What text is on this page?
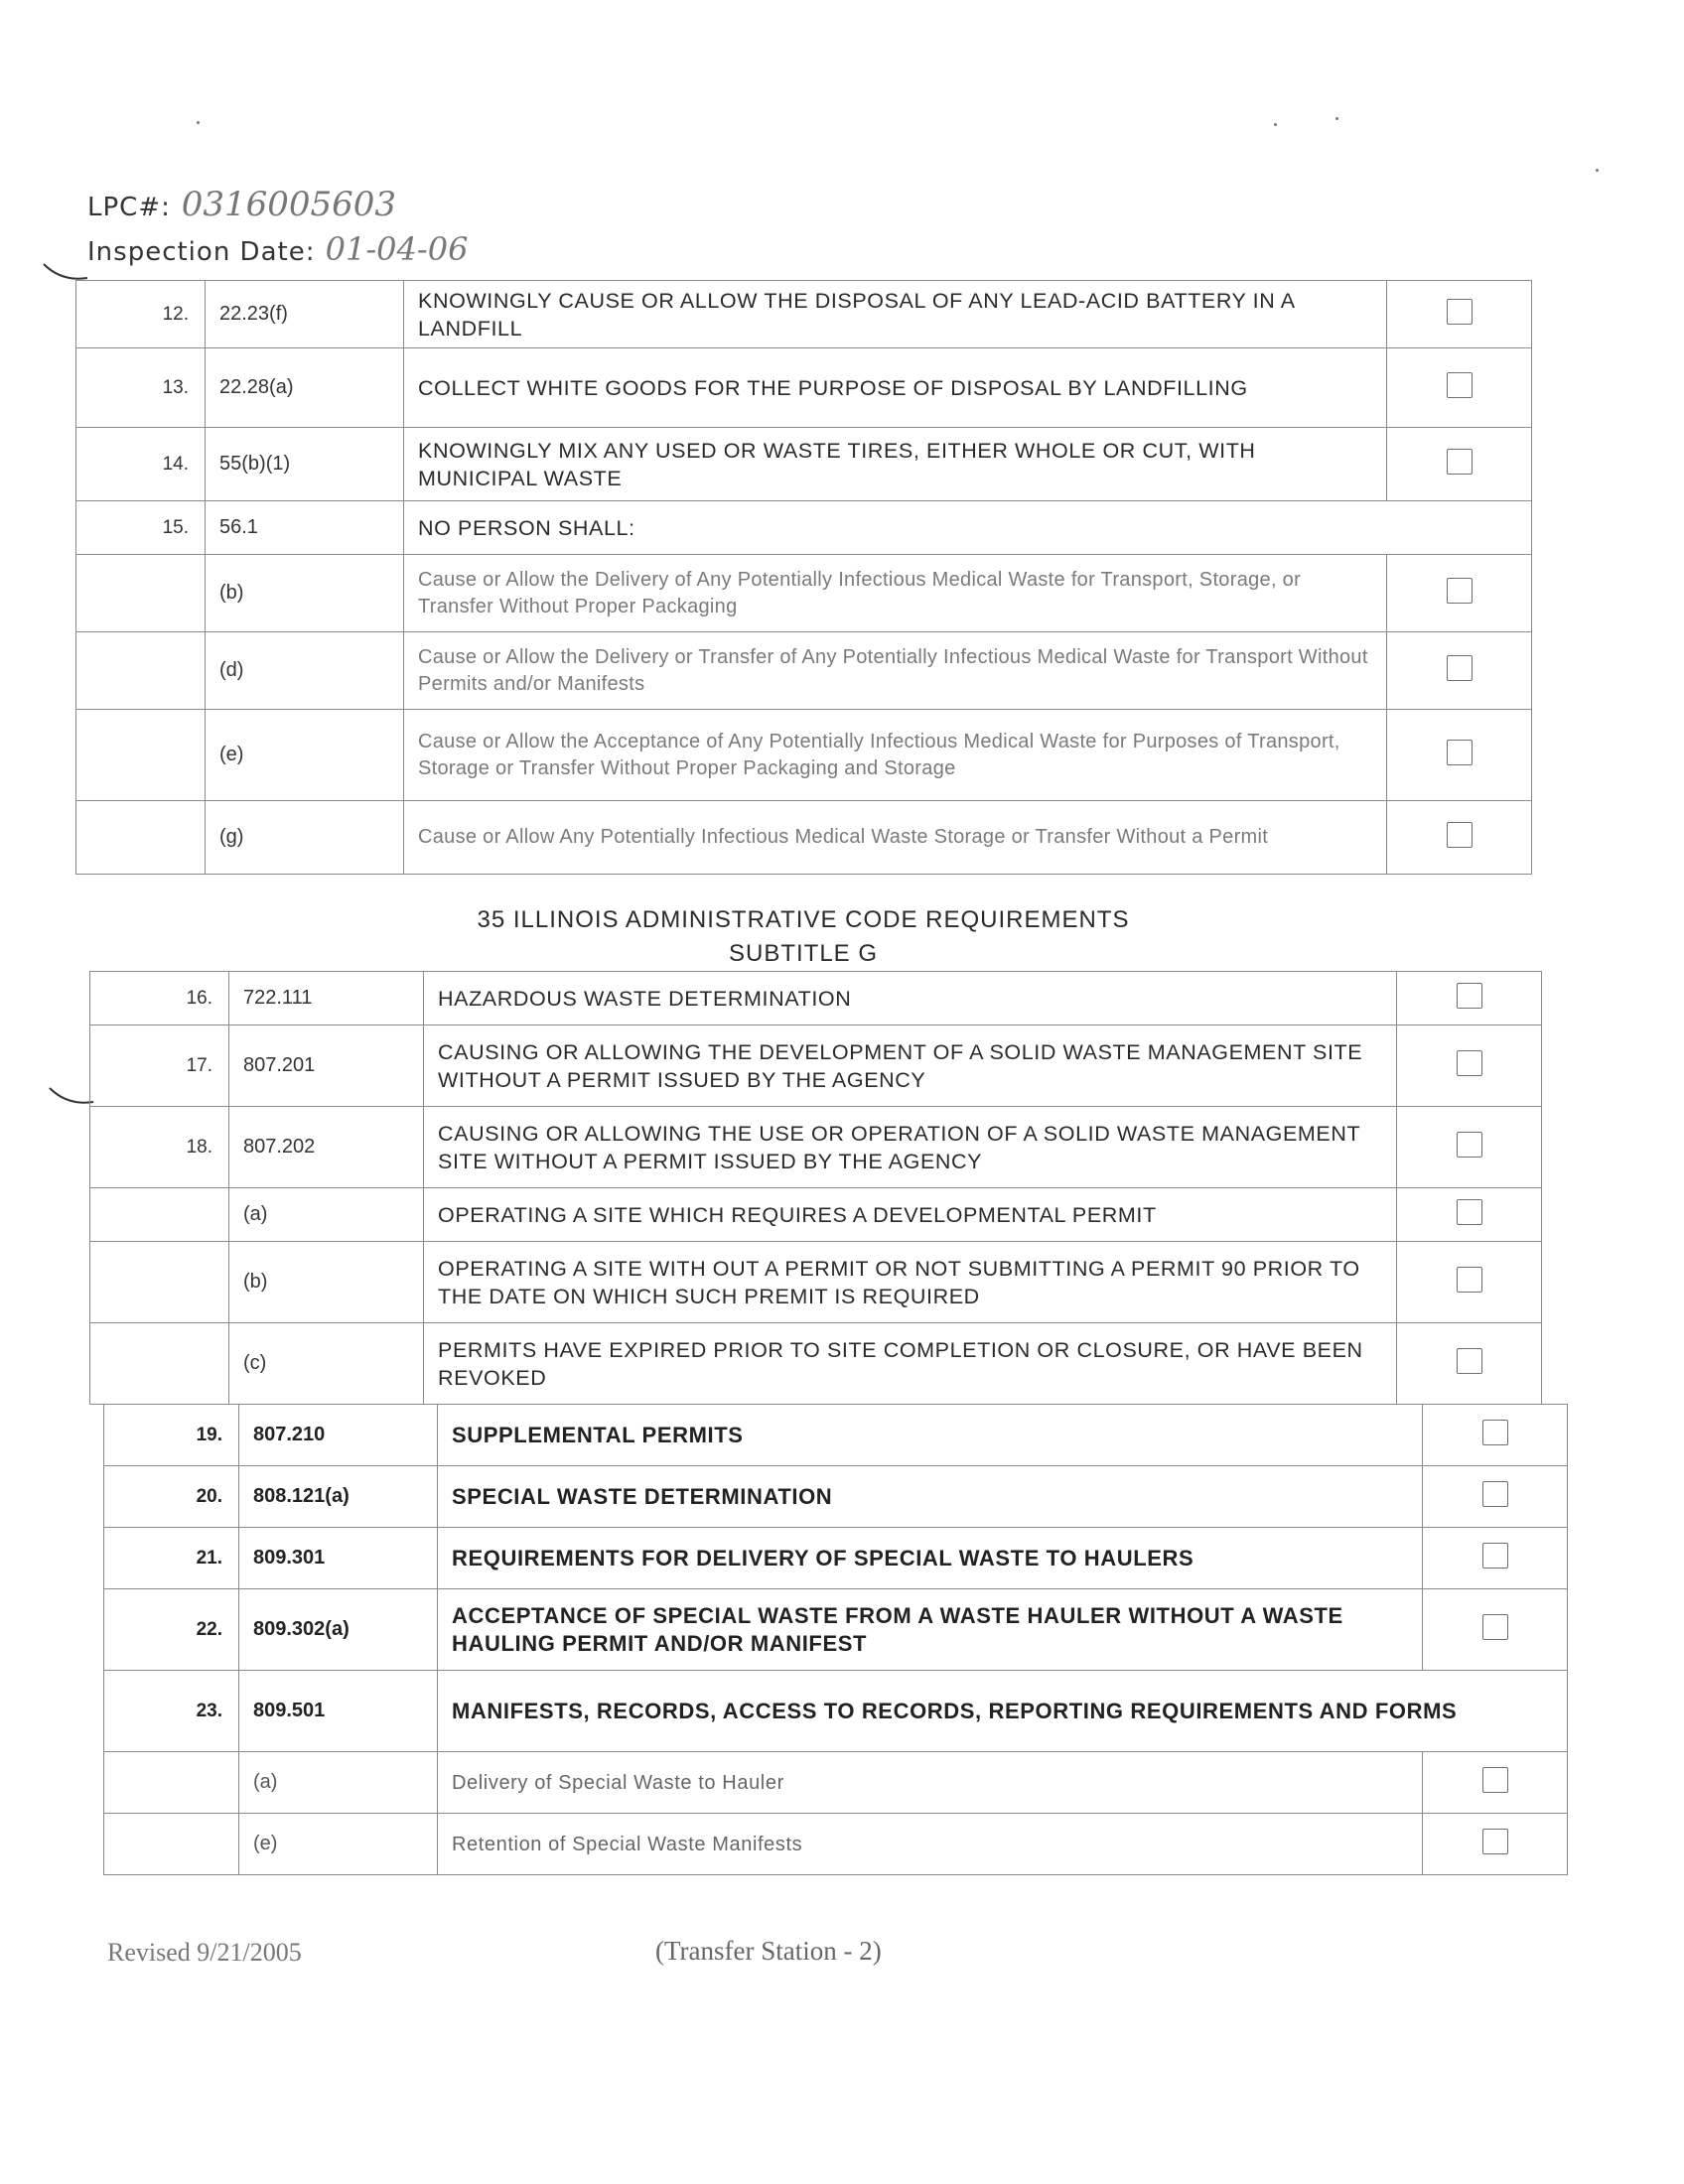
LPC#: 0316005603
Inspection Date: 01-04-06
12.	22.23(f)	KNOWINGLY CAUSE OR ALLOW THE DISPOSAL OF ANY LEAD-ACID BATTERY IN A LANDFILL	
13.	22.28(a)	COLLECT WHITE GOODS FOR THE PURPOSE OF DISPOSAL BY LANDFILLING	
14.	55(b)(1)	KNOWINGLY MIX ANY USED OR WASTE TIRES, EITHER WHOLE OR CUT, WITH MUNICIPAL WASTE	
15.	56.1	NO PERSON SHALL:	
	(b)	Cause or Allow the Delivery of Any Potentially Infectious Medical Waste for Transport, Storage, or Transfer Without Proper Packaging	
	(d)	Cause or Allow the Delivery or Transfer of Any Potentially Infectious Medical Waste for Transport Without Permits and/or Manifests	
	(e)	Cause or Allow the Acceptance of Any Potentially Infectious Medical Waste for Purposes of Transport, Storage or Transfer Without Proper Packaging and Storage	
	(g)	Cause or Allow Any Potentially Infectious Medical Waste Storage or Transfer Without a Permit	
35 ILLINOIS ADMINISTRATIVE CODE REQUIREMENTS
SUBTITLE G
16.	722.111	HAZARDOUS WASTE DETERMINATION	
17.	807.201	CAUSING OR ALLOWING THE DEVELOPMENT OF A SOLID WASTE MANAGEMENT SITE WITHOUT A PERMIT ISSUED BY THE AGENCY	
18.	807.202	CAUSING OR ALLOWING THE USE OR OPERATION OF A SOLID WASTE MANAGEMENT SITE WITHOUT A PERMIT ISSUED BY THE AGENCY	
	(a)	OPERATING A SITE WHICH REQUIRES A DEVELOPMENTAL PERMIT	
	(b)	OPERATING A SITE WITH OUT A PERMIT OR NOT SUBMITTING A PERMIT 90 PRIOR TO THE DATE ON WHICH SUCH PREMIT IS REQUIRED	
	(c)	PERMITS HAVE EXPIRED PRIOR TO SITE COMPLETION OR CLOSURE, OR HAVE BEEN REVOKED	
19.	807.210	SUPPLEMENTAL PERMITS	
20.	808.121(a)	SPECIAL WASTE DETERMINATION	
21.	809.301	REQUIREMENTS FOR DELIVERY OF SPECIAL WASTE TO HAULERS	
22.	809.302(a)	ACCEPTANCE OF SPECIAL WASTE FROM A WASTE HAULER WITHOUT A WASTE HAULING PERMIT AND/OR MANIFEST	
23.	809.501	MANIFESTS, RECORDS, ACCESS TO RECORDS, REPORTING REQUIREMENTS AND FORMS	
	(a)	Delivery of Special Waste to Hauler	
	(e)	Retention of Special Waste Manifests	
Revised 9/21/2005	(Transfer Station - 2)
